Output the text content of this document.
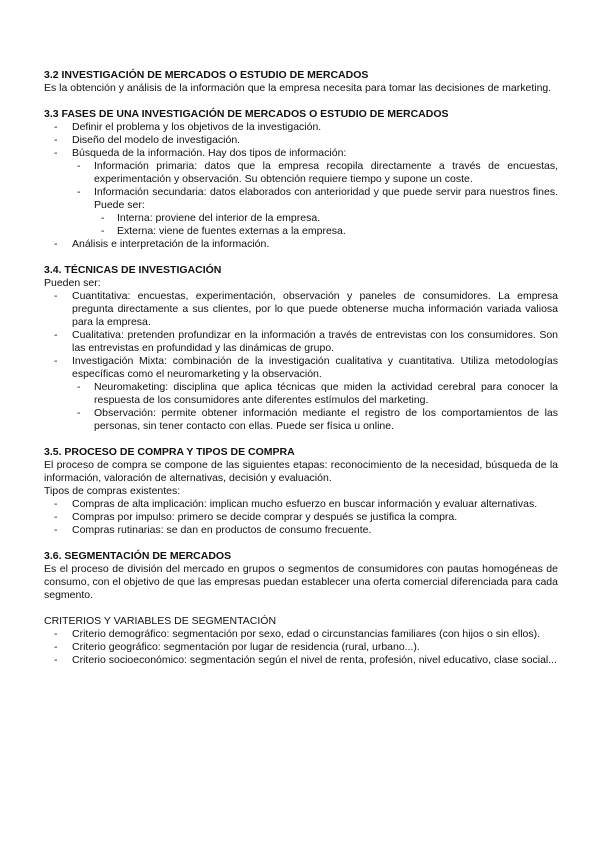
3.2 INVESTIGACIÓN DE MERCADOS O ESTUDIO DE MERCADOS

Es la obtención y análisis de la información que la empresa necesita para tomar las decisiones de marketing.

3.3 FASES DE UNA INVESTIGACIÓN DE MERCADOS O ESTUDIO DE MERCADOS

- Definir el problema y los objetivos de la investigación.
- Diseño del modelo de investigación.
- Búsqueda de la información. Hay dos tipos de información:
- Información primaria: datos que la empresa recopila directamente a través de encuestas, experimentación y observación. Su obtención requiere tiempo y supone un coste.
- Información secundaria: datos elaborados con anterioridad y que puede servir para nuestros fines. Puede ser:
- Interna: proviene del interior de la empresa.
- Externa: viene de fuentes externas a la empresa.
- Análisis e interpretación de la información.

3.4. TÉCNICAS DE INVESTIGACIÓN

Pueden ser:

- Cuantitativa: encuestas, experimentación, observación y paneles de consumidores. La empresa pregunta directamente a sus clientes, por lo que puede obtenerse mucha información variada valiosa para la empresa.
- Cualitativa: pretenden profundizar en la información a través de entrevistas con los consumidores. Son las entrevistas en profundidad y las dinámicas de grupo.
- Investigación Mixta: combinación de la investigación cualitativa y cuantitativa. Utiliza metodologías específicas como el neuromarketing y la observación.
- Neuromaketing: disciplina que aplica técnicas que miden la actividad cerebral para conocer la respuesta de los consumidores ante diferentes estímulos del marketing.
- Observación: permite obtener información mediante el registro de los comportamientos de las personas, sin tener contacto con ellas. Puede ser física u online.

3.5. PROCESO DE COMPRA Y TIPOS DE COMPRA

El proceso de compra se compone de las siguientes etapas: reconocimiento de la necesidad, búsqueda de la información, valoración de alternativas, decisión y evaluación.

Tipos de compras existentes:

- Compras de alta implicación: implican mucho esfuerzo en buscar información y evaluar alternativas.
- Compras por impulso: primero se decide comprar y después se justifica la compra.
- Compras rutinarias: se dan en productos de consumo frecuente.

3.6. SEGMENTACIÓN DE MERCADOS

Es el proceso de división del mercado en grupos o segmentos de consumidores con pautas homogéneas de consumo, con el objetivo de que las empresas puedan establecer una oferta comercial diferenciada para cada segmento.

CRITERIOS Y VARIABLES DE SEGMENTACIÓN

- Criterio demográfico: segmentación por sexo, edad o circunstancias familiares (con hijos o sin ellos).
- Criterio geográfico: segmentación por lugar de residencia (rural, urbano...).
- Criterio socioeconómico: segmentación según el nivel de renta, profesión, nivel educativo, clase social...
